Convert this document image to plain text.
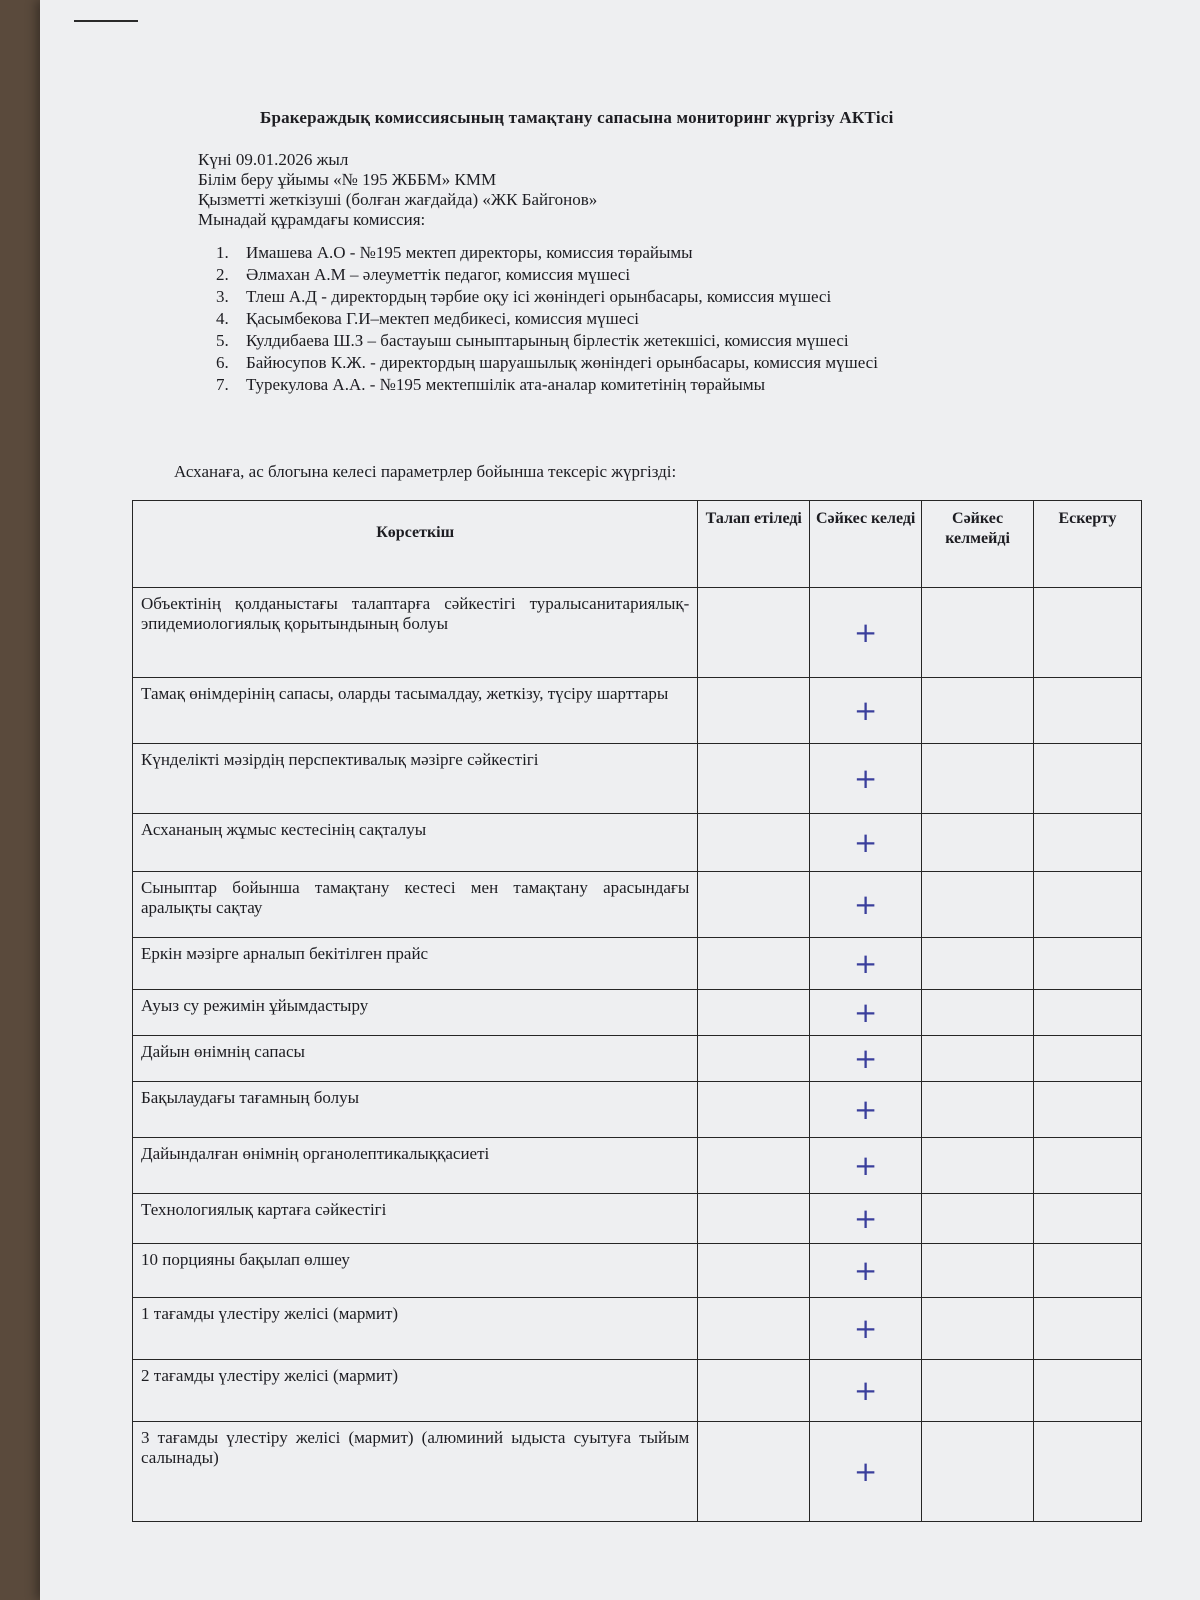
Бракераждық комиссиясының тамақтану сапасына мониторинг жүргізу АКТісі
Күні 09.01.2026 жыл
Білім беру ұйымы «№ 195 ЖББМ» КММ
Қызметті жеткізуші (болған жағдайда) «ЖК Байгонов»
Мынадай құрамдағы комиссия:
1. Имашева А.О - №195 мектеп директоры, комиссия төрайымы
2. Әлмахан А.М – әлеуметтік педагог, комиссия мүшесі
3. Тлеш А.Д - директордың тәрбие оқу ісі жөніндегі орынбасары, комиссия мүшесі
4. Қасымбекова Г.И–мектеп медбикесі, комиссия мүшесі
5. Кулдибаева Ш.З – бастауыш сыныптарының бірлестік жетекшісі, комиссия мүшесі
6. Байюсупов К.Ж. - директордың шаруашылық жөніндегі орынбасары, комиссия мүшесі
7. Турекулова А.А. - №195 мектепшілік ата-аналар комитетінің төрайымы
Асханаға, ас блогына келесі параметрлер бойынша тексеріс жүргізді:
Көрсеткіш	Талап етіледі	Сәйкес келеді	Сәйкес келмейді	Ескерту
Объектінің қолданыстағы талаптарға сәйкестігі туралысанитариялық-эпидемиологиялық қорытындының болуы		+		
Тамақ өнімдерінің сапасы, оларды тасымалдау, жеткізу, түсіру шарттары		+		
Күнделікті мәзірдің перспективалық мәзірге сәйкестігі		+		
Асхананың жұмыс кестесінің сақталуы		+		
Сыныптар бойынша тамақтану кестесі мен тамақтану арасындағы аралықты сақтау		+		
Еркін мәзірге арналып бекітілген прайс		+		
Ауыз су режимін ұйымдастыру		+		
Дайын өнімнің сапасы		+		
Бақылаудағы тағамның болуы		+		
Дайындалған өнімнің органолептикалыққасиеті		+		
Технологиялық картаға сәйкестігі		+		
10 порцияны бақылап өлшеу		+		
1 тағамды үлестіру желісі (мармит)		+		
2 тағамды үлестіру желісі (мармит)		+		
3 тағамды үлестіру желісі (мармит) (алюминий ыдыста суытуға тыйым салынады)		+		
